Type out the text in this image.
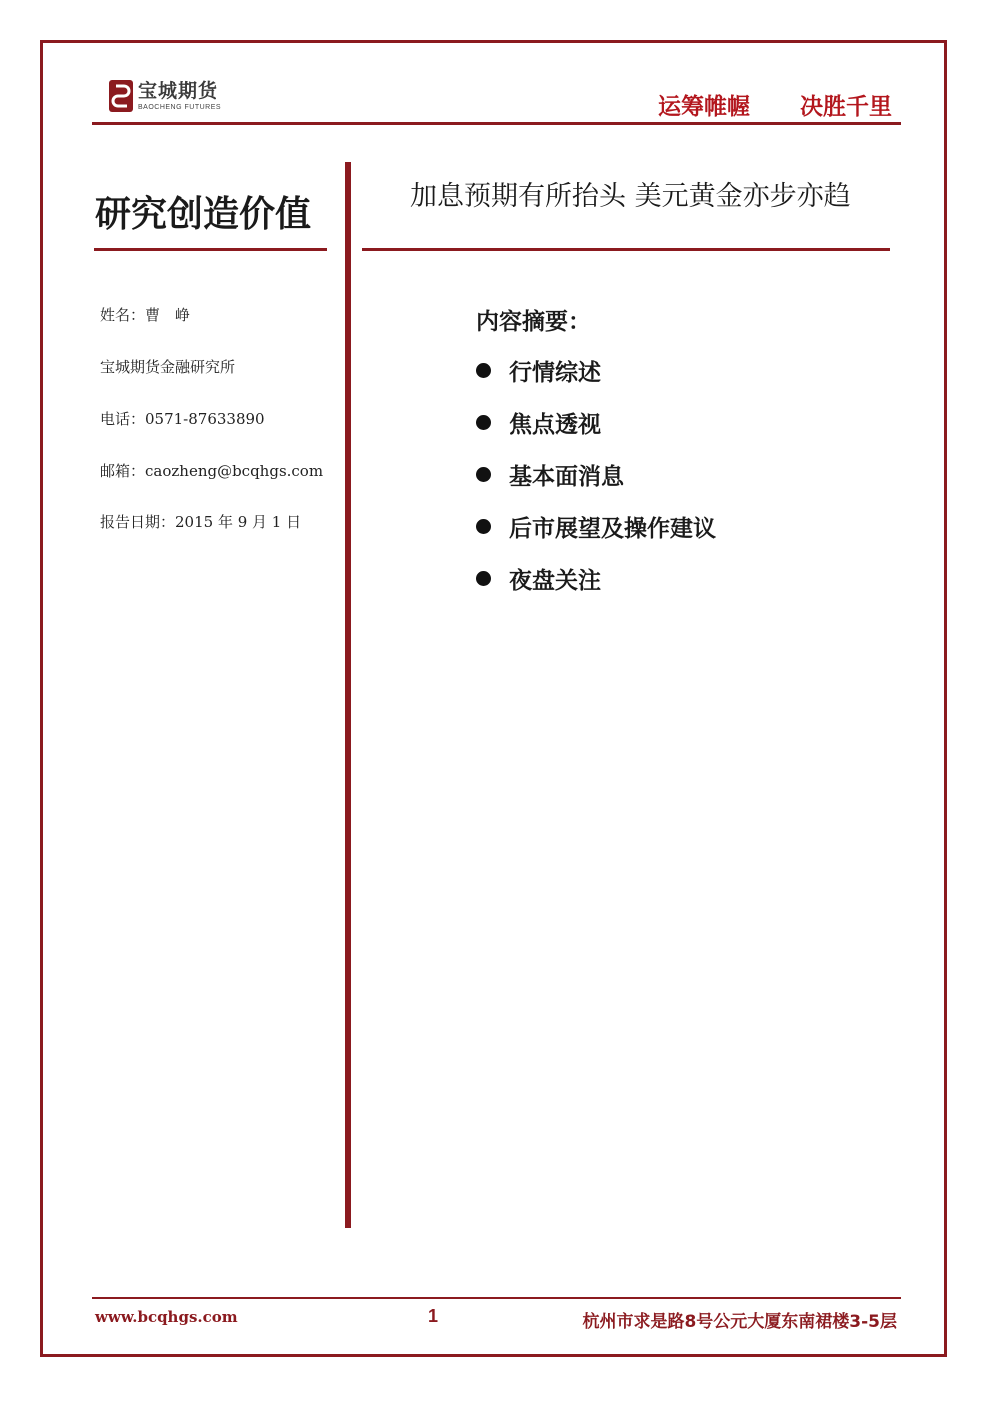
宝城期货
BAOCHENG FUTURES	运筹帷幄 决胜千里
研究创造价值	加息预期有所抬头 美元黄金亦步亦趋
姓名：曹　峥
宝城期货金融研究所
电话：0571-87633890
邮箱：caozheng@bcqhgs.com
报告日期：2015 年 9 月 1 日
内容摘要：
行情综述
焦点透视
基本面消息
后市展望及操作建议
夜盘关注
www.bcqhgs.com	1	杭州市求是路8号公元大厦东南裙楼3-5层
